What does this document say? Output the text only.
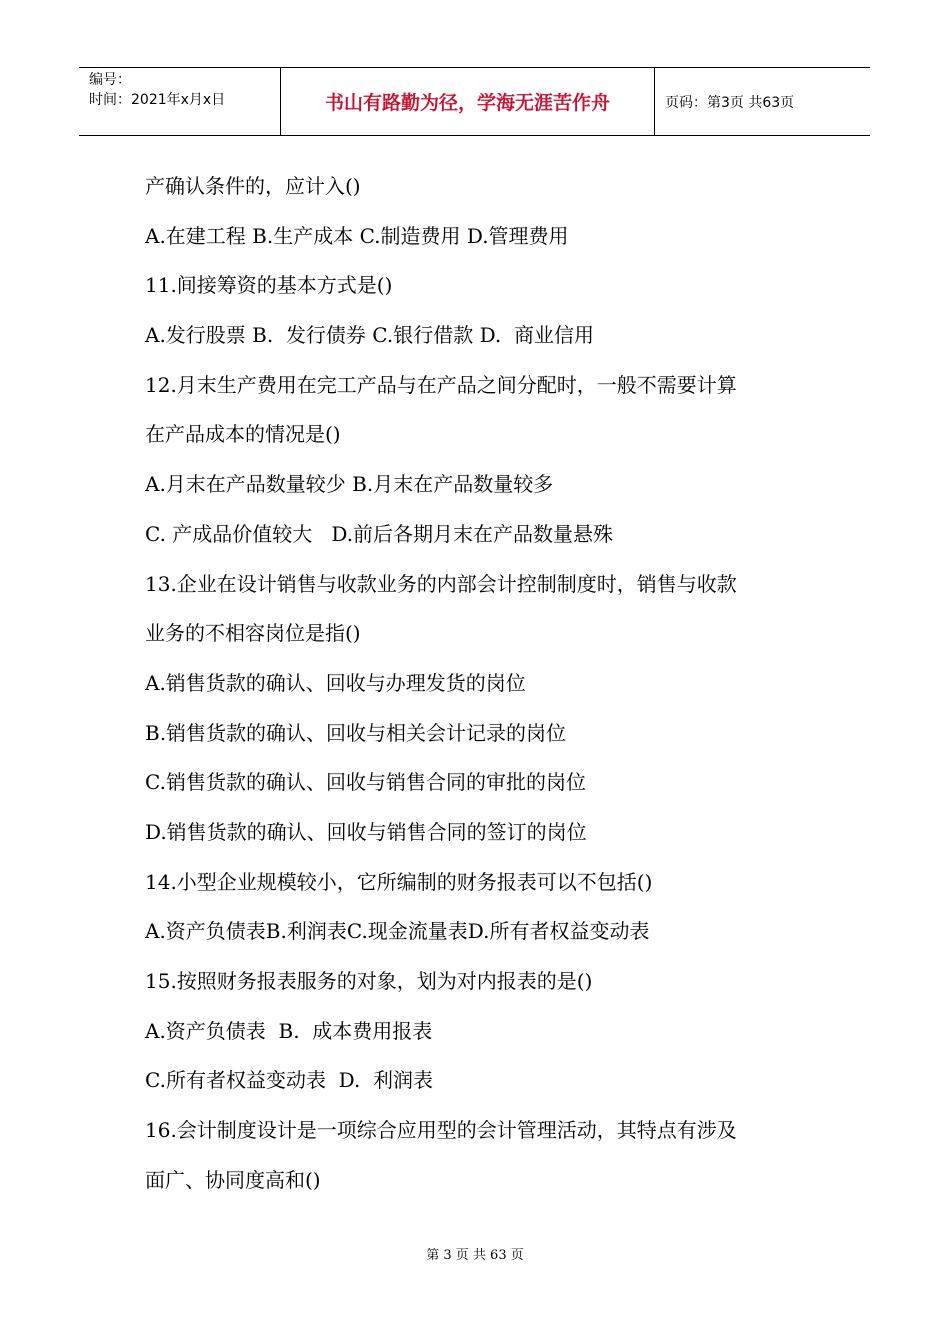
编号：
时间：2021年x月x日	书山有路勤为径，学海无涯苦作舟	页码：第3页 共63页
产确认条件的，应计入()
A.在建工程 B.生产成本 C.制造费用 D.管理费用
11.间接筹资的基本方式是()
A.发行股票 B.  发行债券 C.银行借款 D.  商业信用
12.月末生产费用在完工产品与在产品之间分配时，一般不需要计算
在产品成本的情况是()
A.月末在产品数量较少 B.月末在产品数量较多
C. 产成品价值较大   D.前后各期月末在产品数量悬殊
13.企业在设计销售与收款业务的内部会计控制制度时，销售与收款
业务的不相容岗位是指()
A.销售货款的确认、回收与办理发货的岗位
B.销售货款的确认、回收与相关会计记录的岗位
C.销售货款的确认、回收与销售合同的审批的岗位
D.销售货款的确认、回收与销售合同的签订的岗位
14.小型企业规模较小，它所编制的财务报表可以不包括()
A.资产负债表B.利润表C.现金流量表D.所有者权益变动表
15.按照财务报表服务的对象，划为对内报表的是()
A.资产负债表  B.  成本费用报表
C.所有者权益变动表  D.  利润表
16.会计制度设计是一项综合应用型的会计管理活动，其特点有涉及
面广、协同度高和()
第 3 页 共 63 页
